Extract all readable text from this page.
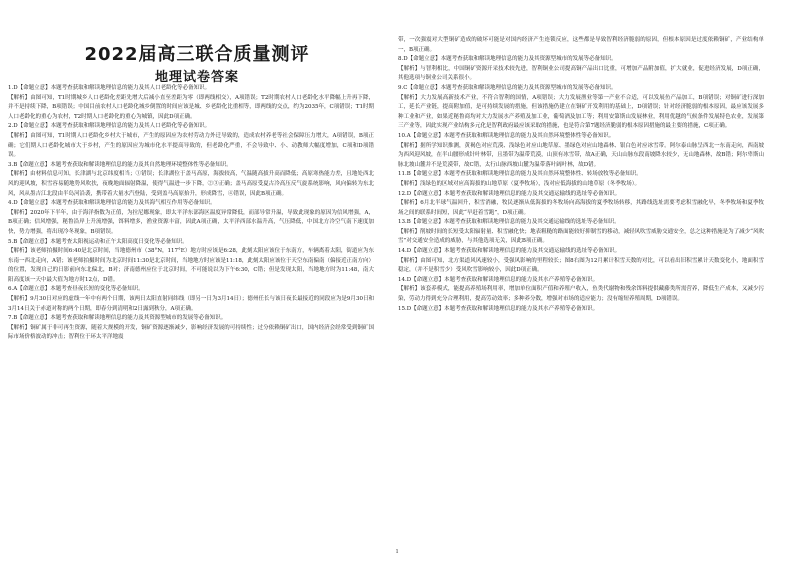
2022届高三联合质量测评
地理试卷答案

1.D【命题立意】本题考查获取和解读地理信息的能力及其人口老龄化等必备知识。

【解析】由图可知，T1时期城乡人口老龄化差距先增大后减小直至差距为零（即两线相交），A项错误；T2时期农村人口老龄化水平降幅上升再下降，并不是持续下降，B项错误；中国目前农村人口老龄化城乡倒置的时间应该是城、乡老龄化比重相等，即两线的交点，约为2035年，C项错误；T1时期人口老龄化的重心为农村，T2时期人口老龄化的重心为城镇，因此D项正确。

2.D【命题立意】本题考查获取和解读地理信息的能力及其人口老龄化等必备知识。

【解析】由图可知，T1时期人口老龄化乡村大于城市，产生的原因应为农村劳动力外迁导致的，造成农村养老等社会保障压力增大，A项错误，B项正确；它们期人口老龄化城市大于乡村，产生的原因应为城市化水平提高导致的，但老龄化严重，不会导致中、小、动教师大幅度增加，C项和D项错误。

3.B【命题立意】本题考查获取和解读地理信息的能力及其自然地理环境整体性等必备知识。

【解析】由材料信息可知，长津湖与北京纬度相当；①错误；长津湖位于盖马高原，海拔较高，气温随高拔升高而降低；高原寒热能力差，且地处西北风的迎风坡，积雪容易随地势风吹扶，夜晚地面辐射降温，使得气温进一步下降，②③正确；盖马高原受夏古冷高压反气旋系统影响，风向偏转为东北风，风从墨吉江北段由半岛河沿袭，携带着大量水汽登陆，受到盖马高原抬升，形成降雪，④错误，因此B项正确。

4.D【命题立意】本题考查获取和解读地理信息的能力及其海气相互作用等必备知识。

【解析】2020年下半年，由于海洋指数为正值，为拉尼娜现象，即太平洋东部海区温度异常降低，而部导常升温，导致此现象的原因为信风增强，A，B项正确；信风增强，秘鲁沿岸上升流增强，饵料增多，渔业资源丰富，因此A项正确，太平洋西部水温升高，气压降低，中国北方冷空气南下速度加快，势力增强，将出现冷冬现象，B项错误。

5.B【命题立意】本题考查太阳视运动和正午太阳高度日变化等必备知识。

【解析】该老师拍摄时间6:40是北京时间，当地德州市（38°N，117°E）地方时应该是6:28，此刻太阳应该位于东南方，车辆离着太阳，街道应为东东南一西北走向，A错；该老师拍摄时间为北京时间11:30是北京时间，当地地方时应该是11:18，此刻太阳应该位于天空东南偏南（偏接近正南方向）的位置，发现自己的日影前向东北偏北，B对；济南德州应位于北京时间，不可能说以为下午6:30，C错；但是发现太阳，当地地方时为11:48，南大阳高度该一天中最大值为地方时12点，D错。

6.A【命题立意】本题考查昼夜长短的变化等必备知识。

【解析】9月30日对应的虚线一年中有两个日期，该两日太阳直射同纬线（即另一日为3月14日）；德州任长与该日夜长最接近的同段应为是9月30日和3月14日关于赤道对称的两个日期，即春分到清明和2日露到秋分，A项正确。

7.B【命题立意】本题考查获取和解读地理信息的能力及其资源型城市的发展等必备知识。

【解析】铜矿属于非可再生资源，随着大规模的开发，铜矿资源逐渐减少，影响经济发展的可持续性；过分依赖铜矿出口，国内经济会经常受到铜矿国际市场价格波动的冲击；智利位于环太平洋地震

带，一次强震对大型铜矿造成的破坏可能是对国内经济产生连锁反应，这些都是导致智利经济脆弱的原因，但根本原因是过度依赖铜矿，产业结构单一，B项正确。

8.D【命题立意】本题考查获取和解读地理信息的能力及其资源型城市的发展等必备知识。

【解析】与智利相比，中国铜矿资源开采技术较先进，智利铜业公司提高铜产品出口比重，可增加产品附加值，扩大就业，促进经济发展，D项正确，其他选项与铜业公司关系很小。

9.C【命题立意】本题考查获取和解读地理信息的能力及其资源型城市的发展等必备知识。

【解析】大力发展高新技术产业，不符合智利的国情，A项错误；大力发展渔业等第一产业不合适，可以发展鱼产品加工，B项错误；对铜矿进行深加工，延长产业链，提高附加值，是可持续发展的措施，但该措施仍建立在铜矿开发利用的基础上，D项错误；针对经济脆弱的根本原因，最应该发展多种工业和产业，如果近秘鲁商均对大力发展水产养殖及加工业，葡萄酒及加工等；利用安第斯山发展林业，利用优越的气候条件发展特色农业，发展第三产业等，因此实现产业结构多元化是智利政府最应该采取的措施，也是符合第7题经济脆弱的根本原因措施的最主要的措施，C项正确。

10.A【命题立意】本题考查获取和解读地理信息的能力及其自然环境整体性等必备知识。

【解析】据所学知识推测，黄褐色对应荒漠、浅绿色对应山地草原、墨绿色对应山地森林、银白色对应冰雪带。阿尔泰山脉呈西北一东南走向，西南坡为西风迎风坡，在半山腰形成针叶林带，且墨带为温带荒漠，山顶有冰雪带，故A正确，天山山脉东段南坡降水较少，无山地森林，故B错；阿尔卑斯山脉北坡山麓并不是荒漠带，故C错，太行山脉西坡山麓为温带落叶阔叶林，故D错。

11.B【命题立意】本题考查获取和解读地理信息的能力及其自然环境整体性、转场放牧等必备知识。

【解析】浅绿色的区域对应高海拔的山地草原（夏季牧场），浅对应低海拔的山地草原（冬季牧场）。

12.D【命题立意】本题考查获取和解读地理信息的能力及其交通运输线的选址等必备知识。

【解析】6月北半球气温回升，积雪消融，牧民逐渐从低海拔的冬牧场向高海拔的夏季牧场转移，其路线选址需要考虑积雪融化早，冬季牧场和夏季牧场之间的联系时间短，因此“早赶着雪跑”，D项正确。

13.B【命题立意】本题考查获取和解读地理信息的能力及其交通运输线的选址等必备知识。

【解析】削坡时间的长短受太阳辐射量、积雪融化快；地表粗糙的路面能较好抑制雪的移动，减轻风吹雪威胁交通安全，总之这种措施是为了减少“风吹雪”对交通安全造成的威胁，与其他选项无关，因此B项正确。

14.D【命题立意】本题考查获取和解读地理信息的能力及其交通运输线的选址等必备知识。

【解析】由图可知，北方渠道风风速较小，受强风影响的里程较长；图8右图为12月累计积雪天数的对比，可以看出旧积雪累计天数变化小，地面积雪稳定，（并不是积雪少）受风吹雪影响较小，因此D项正确。

14.D【命题立意】本题考查获取和解读地理信息的能力及其水产养殖等必备知识。

【解析】该套养模式，能提高养殖场利用率，增加单位面积产值和养殖户收入，鱼类代谢物和残余饵料提供藏藤类所需营养，降低生产成本，又减少污染，劳动力得到充分合理利用，提高劳动效率；多种养分数，增强对市场的适应能力；没有缩短养殖周期，D项错误。

15.D【命题立意】本题考查获取和解读地理信息的能力及其水产养殖等必备知识。

1
